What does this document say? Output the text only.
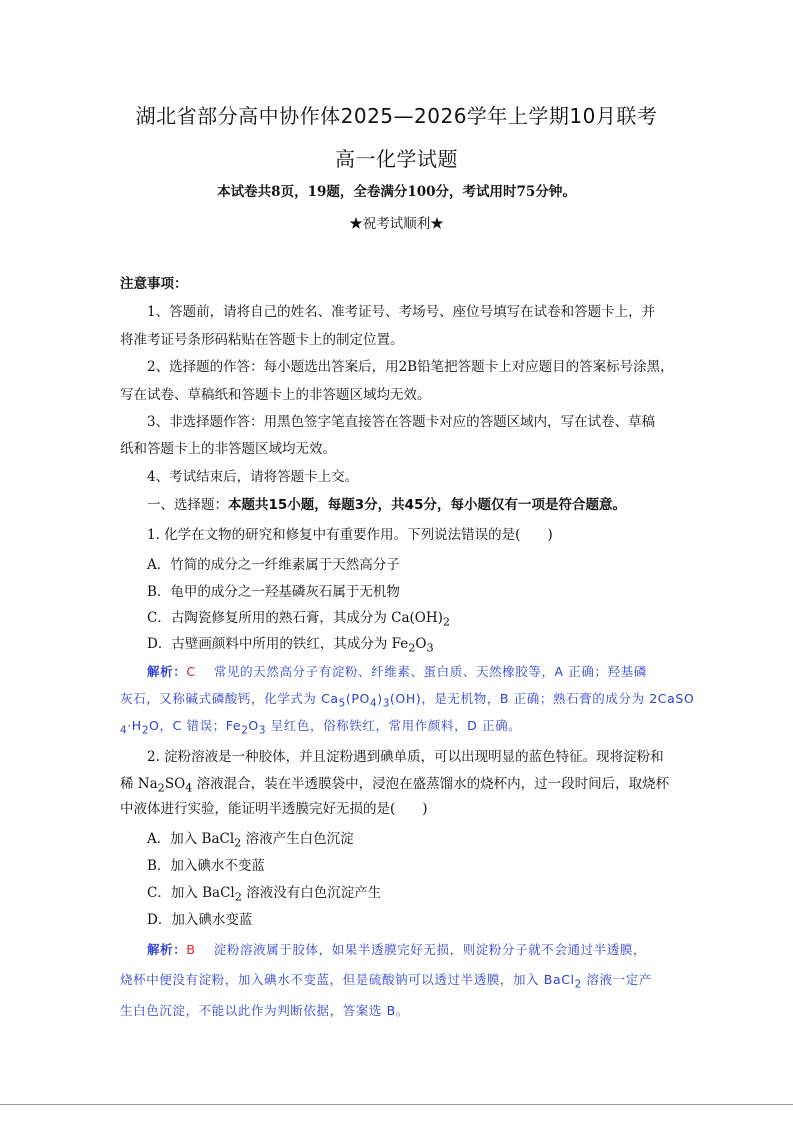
湖北省部分高中协作体2025—2026学年上学期10月联考
高一化学试题
本试卷共8页，19题，全卷满分100分，考试用时75分钟。
★祝考试顺利★
注意事项：
1、答题前，请将自己的姓名、准考证号、考场号、座位号填写在试卷和答题卡上，并
将准考证号条形码粘贴在答题卡上的制定位置。
2、选择题的作答：每小题选出答案后，用2B铅笔把答题卡上对应题目的答案标号涂黑，
写在试卷、草稿纸和答题卡上的非答题区域均无效。
3、非选择题作答：用黑色签字笔直接答在答题卡对应的答题区域内，写在试卷、草稿
纸和答题卡上的非答题区域均无效。
4、考试结束后，请将答题卡上交。
一、选择题：本题共15小题，每题3分，共45分，每小题仅有一项是符合题意。
1. 化学在文物的研究和修复中有重要作用。下列说法错误的是(　　)
A．竹简的成分之一纤维素属于天然高分子
B．龟甲的成分之一羟基磷灰石属于无机物
C．古陶瓷修复所用的熟石膏，其成分为 $Ca(OH)_2$
D．古壁画颜料中所用的铁红，其成分为 $Fe_2O_3$
解析：C 常见的天然高分子有淀粉、纤维素、蛋白质、天然橡胶等，A 正确；羟基磷
灰石，又称碱式磷酸钙，化学式为 $Ca_5(PO_4)_3(OH)$，是无机物，B 正确；熟石膏的成分为 2CaSO
$_4\cdot H_2O$，C 错误；$Fe_2O_3$ 呈红色，俗称铁红，常用作颜料，D 正确。
2. 淀粉溶液是一种胶体，并且淀粉遇到碘单质，可以出现明显的蓝色特征。现将淀粉和
稀 $Na_2SO_4$ 溶液混合，装在半透膜袋中，浸泡在盛蒸馏水的烧杯内，过一段时间后，取烧杯
中液体进行实验，能证明半透膜完好无损的是(　　)
A．加入 BaCl$_2$ 溶液产生白色沉淀
B．加入碘水不变蓝
C．加入 BaCl$_2$ 溶液没有白色沉淀产生
D．加入碘水变蓝
解析：B 淀粉溶液属于胶体，如果半透膜完好无损，则淀粉分子就不会通过半透膜，
烧杯中便没有淀粉，加入碘水不变蓝，但是硫酸钠可以透过半透膜，加入 BaCl$_2$ 溶液一定产
生白色沉淀，不能以此作为判断依据，答案选 B。
